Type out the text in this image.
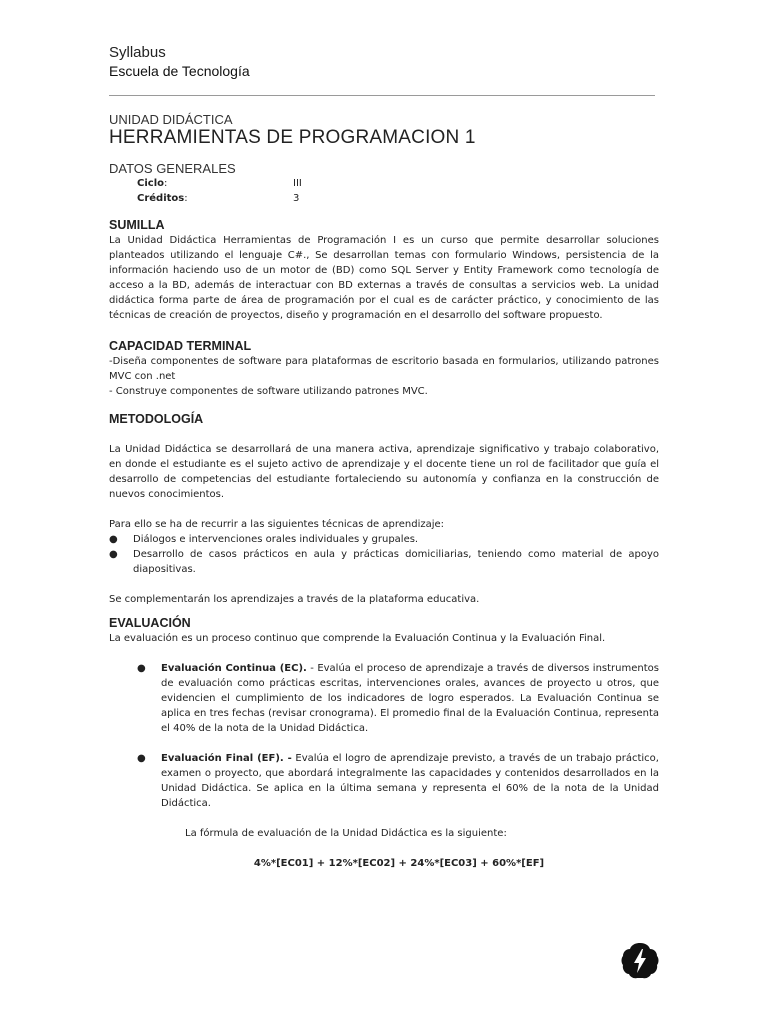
Syllabus
Escuela de Tecnología
UNIDAD DIDÁCTICA
HERRAMIENTAS DE PROGRAMACION 1
DATOS GENERALES
Ciclo:	III
Créditos:	3
SUMILLA

La Unidad Didáctica Herramientas de Programación I es un curso que permite desarrollar soluciones planteados utilizando el lenguaje C#., Se desarrollan temas con formulario Windows, persistencia de la información haciendo uso de un motor de (BD) como SQL Server y Entity Framework como tecnología de acceso a la BD, además de interactuar con BD externas a través de consultas a servicios web. La unidad didáctica forma parte de área de programación por el cual es de carácter práctico, y conocimiento de las técnicas de creación de proyectos, diseño y programación en el desarrollo del software propuesto.

CAPACIDAD TERMINAL

-Diseña componentes de software para plataformas de escritorio basada en formularios, utilizando patrones MVC con .net

- Construye componentes de software utilizando patrones MVC.

METODOLOGÍA

La Unidad Didáctica se desarrollará de una manera activa, aprendizaje significativo y trabajo colaborativo, en donde el estudiante es el sujeto activo de aprendizaje y el docente tiene un rol de facilitador que guía el desarrollo de competencias del estudiante fortaleciendo su autonomía y confianza en la construcción de nuevos conocimientos.

Para ello se ha de recurrir a las siguientes técnicas de aprendizaje:

● Diálogos e intervenciones orales individuales y grupales.
● Desarrollo de casos prácticos en aula y prácticas domiciliarias, teniendo como material de apoyo diapositivas.

Se complementarán los aprendizajes a través de la plataforma educativa.

EVALUACIÓN

La evaluación es un proceso continuo que comprende la Evaluación Continua y la Evaluación Final.

● Evaluación Continua (EC). - Evalúa el proceso de aprendizaje a través de diversos instrumentos de evaluación como prácticas escritas, intervenciones orales, avances de proyecto u otros, que evidencien el cumplimiento de los indicadores de logro esperados. La Evaluación Continua se aplica en tres fechas (revisar cronograma). El promedio final de la Evaluación Continua, representa el 40% de la nota de la Unidad Didáctica.
● Evaluación Final (EF). - Evalúa el logro de aprendizaje previsto, a través de un trabajo práctico, examen o proyecto, que abordará integralmente las capacidades y contenidos desarrollados en la Unidad Didáctica. Se aplica en la última semana y representa el 60% de la nota de la Unidad Didáctica.
La fórmula de evaluación de la Unidad Didáctica es la siguiente:
4%*[EC01] + 12%*[EC02] + 24%*[EC03] + 60%*[EF]
